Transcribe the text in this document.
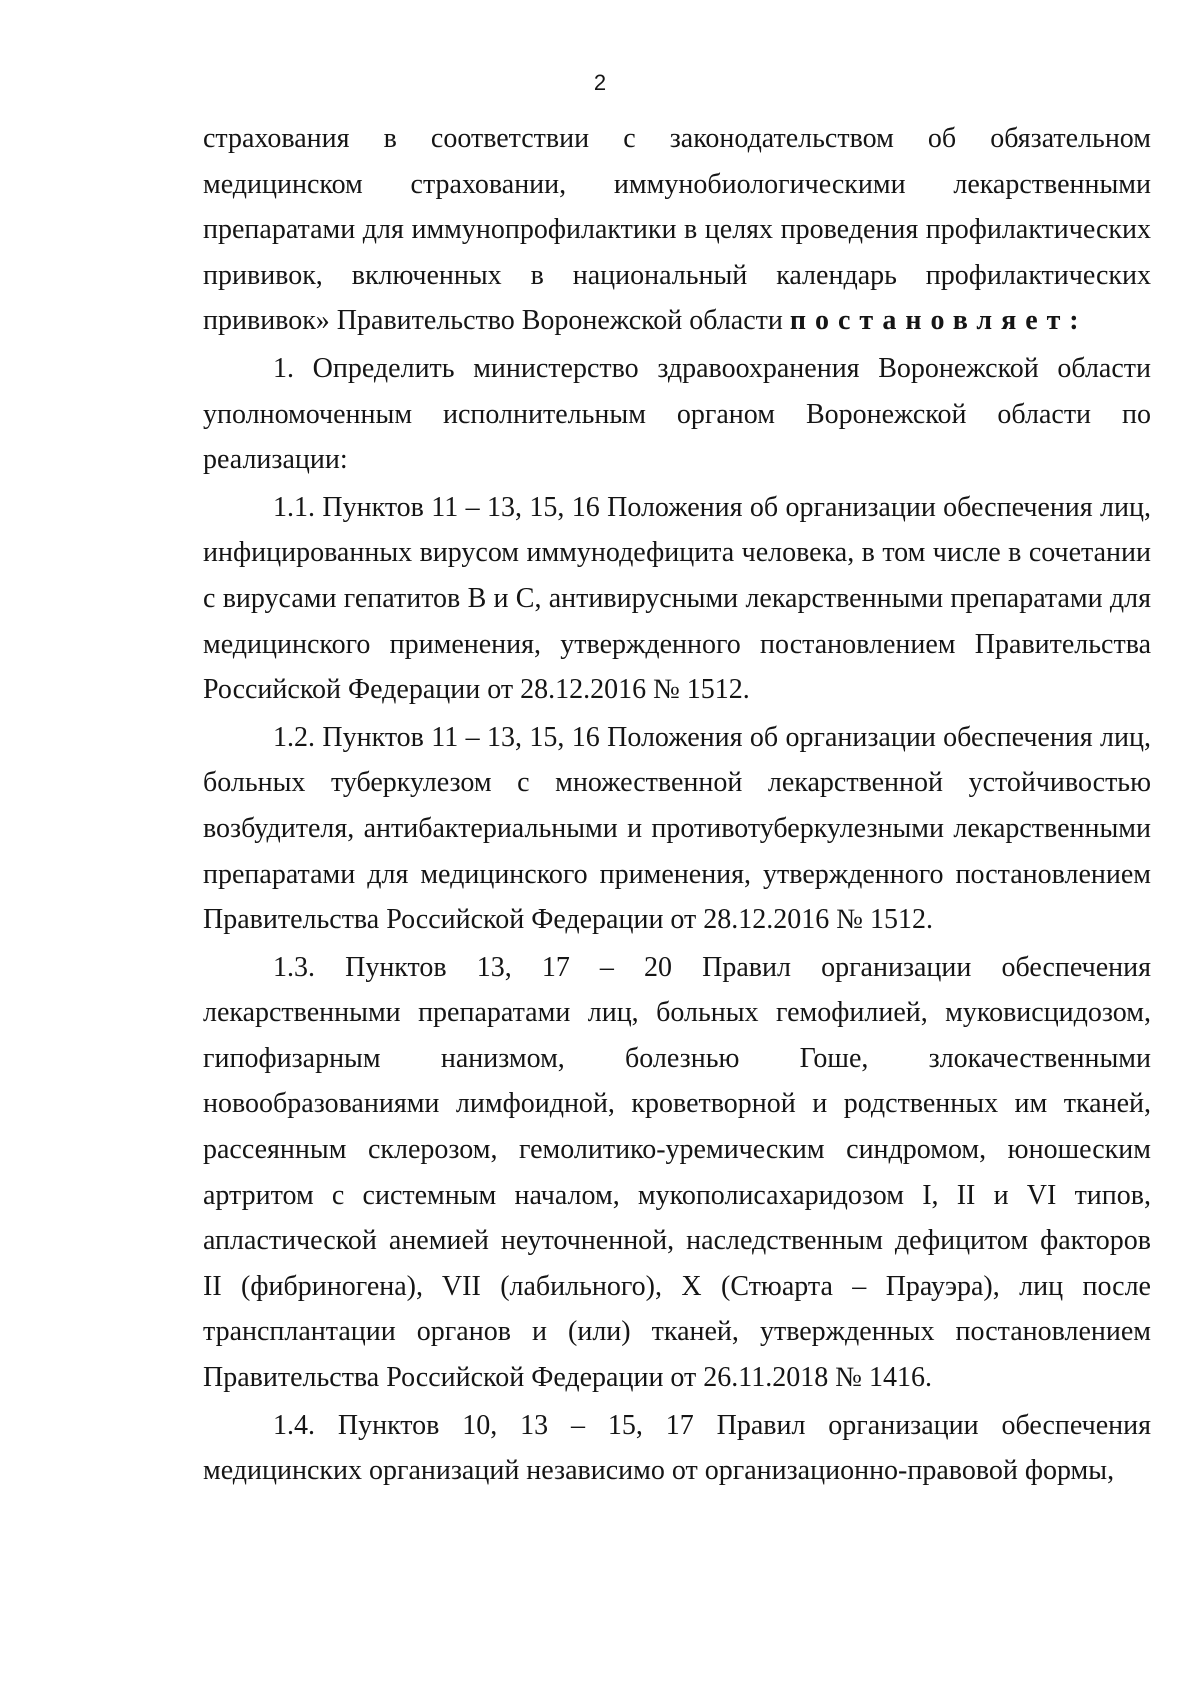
2

страхования в соответствии с законодательством об обязательном медицинском страховании, иммунобиологическими лекарственными препаратами для иммунопрофилактики в целях проведения профилактических прививок, включенных в национальный календарь профилактических прививок» Правительство Воронежской области постановляет:

1. Определить министерство здравоохранения Воронежской области уполномоченным исполнительным органом Воронежской области по реализации:

1.1. Пунктов 11 – 13, 15, 16 Положения об организации обеспечения лиц, инфицированных вирусом иммунодефицита человека, в том числе в сочетании с вирусами гепатитов B и C, антивирусными лекарственными препаратами для медицинского применения, утвержденного постановлением Правительства Российской Федерации от 28.12.2016 № 1512.

1.2. Пунктов 11 – 13, 15, 16 Положения об организации обеспечения лиц, больных туберкулезом с множественной лекарственной устойчивостью возбудителя, антибактериальными и противотуберкулезными лекарственными препаратами для медицинского применения, утвержденного постановлением Правительства Российской Федерации от 28.12.2016 № 1512.

1.3. Пунктов 13, 17 – 20 Правил организации обеспечения лекарственными препаратами лиц, больных гемофилией, муковисцидозом, гипофизарным нанизмом, болезнью Гоше, злокачественными новообразованиями лимфоидной, кроветворной и родственных им тканей, рассеянным склерозом, гемолитико-уремическим синдромом, юношеским артритом с системным началом, мукополисахаридозом I, II и VI типов, апластической анемией неуточненной, наследственным дефицитом факторов II (фибриногена), VII (лабильного), X (Стюарта – Прауэра), лиц после трансплантации органов и (или) тканей, утвержденных постановлением Правительства Российской Федерации от 26.11.2018 № 1416.

1.4. Пунктов 10, 13 – 15, 17 Правил организации обеспечения медицинских организаций независимо от организационно-правовой формы,
